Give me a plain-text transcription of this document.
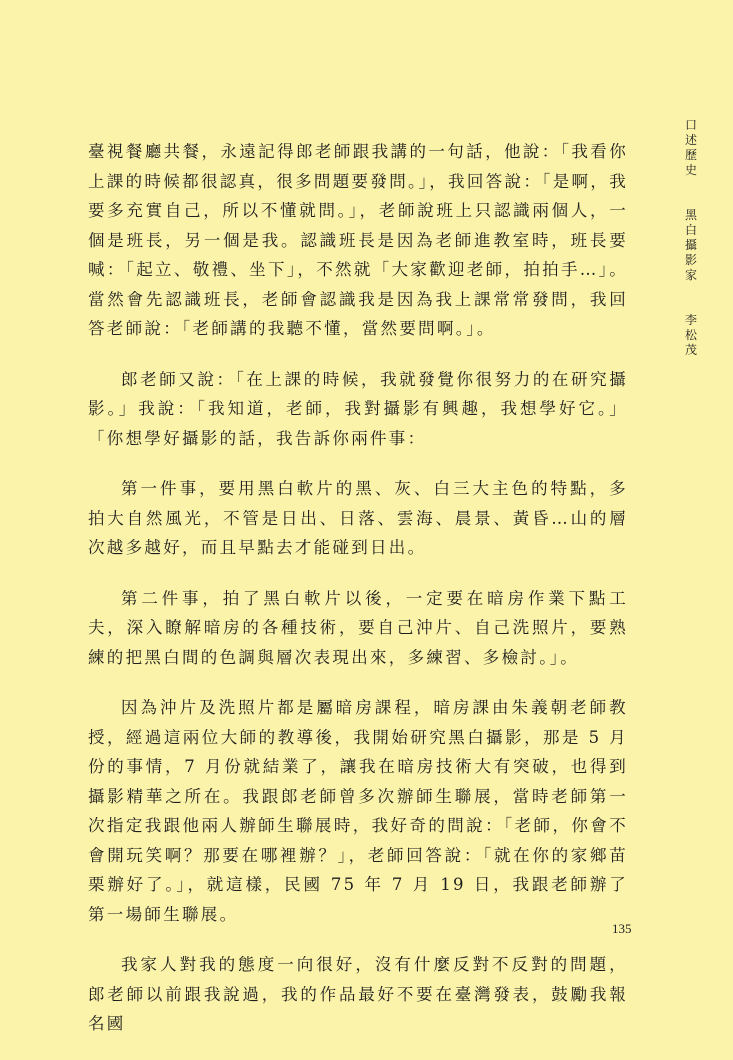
口
述
歷
史
黑
白
攝
影
家
李
松
茂

臺視餐廳共餐，永遠記得郎老師跟我講的一句話，他說：「我看你上課的時候都很認真，很多問題要發問。」，我回答說：「是啊，我要多充實自己，所以不懂就問。」，老師說班上只認識兩個人，一個是班長，另一個是我。認識班長是因為老師進教室時，班長要喊：「起立、敬禮、坐下」，不然就「大家歡迎老師，拍拍手…」。當然會先認識班長，老師會認識我是因為我上課常常發問，我回答老師說：「老師講的我聽不懂，當然要問啊。」。

郎老師又說：「在上課的時候，我就發覺你很努力的在研究攝影。」我說：「我知道，老師，我對攝影有興趣，我想學好它。」「你想學好攝影的話，我告訴你兩件事：

第一件事，要用黑白軟片的黑、灰、白三大主色的特點，多拍大自然風光，不管是日出、日落、雲海、晨景、黃昏…山的層次越多越好，而且早點去才能碰到日出。

第二件事，拍了黑白軟片以後，一定要在暗房作業下點工夫，深入瞭解暗房的各種技術，要自己沖片、自己洗照片，要熟練的把黑白間的色調與層次表現出來，多練習、多檢討。」。

因為沖片及洗照片都是屬暗房課程，暗房課由朱義朝老師教授，經過這兩位大師的教導後，我開始研究黑白攝影，那是 5 月份的事情，7 月份就結業了，讓我在暗房技術大有突破，也得到攝影精華之所在。我跟郎老師曾多次辦師生聯展，當時老師第一次指定我跟他兩人辦師生聯展時，我好奇的問說：「老師，你會不會開玩笑啊？那要在哪裡辦？」，老師回答說：「就在你的家鄉苗栗辦好了。」，就這樣，民國 75 年 7 月 19 日，我跟老師辦了第一場師生聯展。

我家人對我的態度一向很好，沒有什麼反對不反對的問題，郎老師以前跟我說過，我的作品最好不要在臺灣發表，鼓勵我報名國

135
